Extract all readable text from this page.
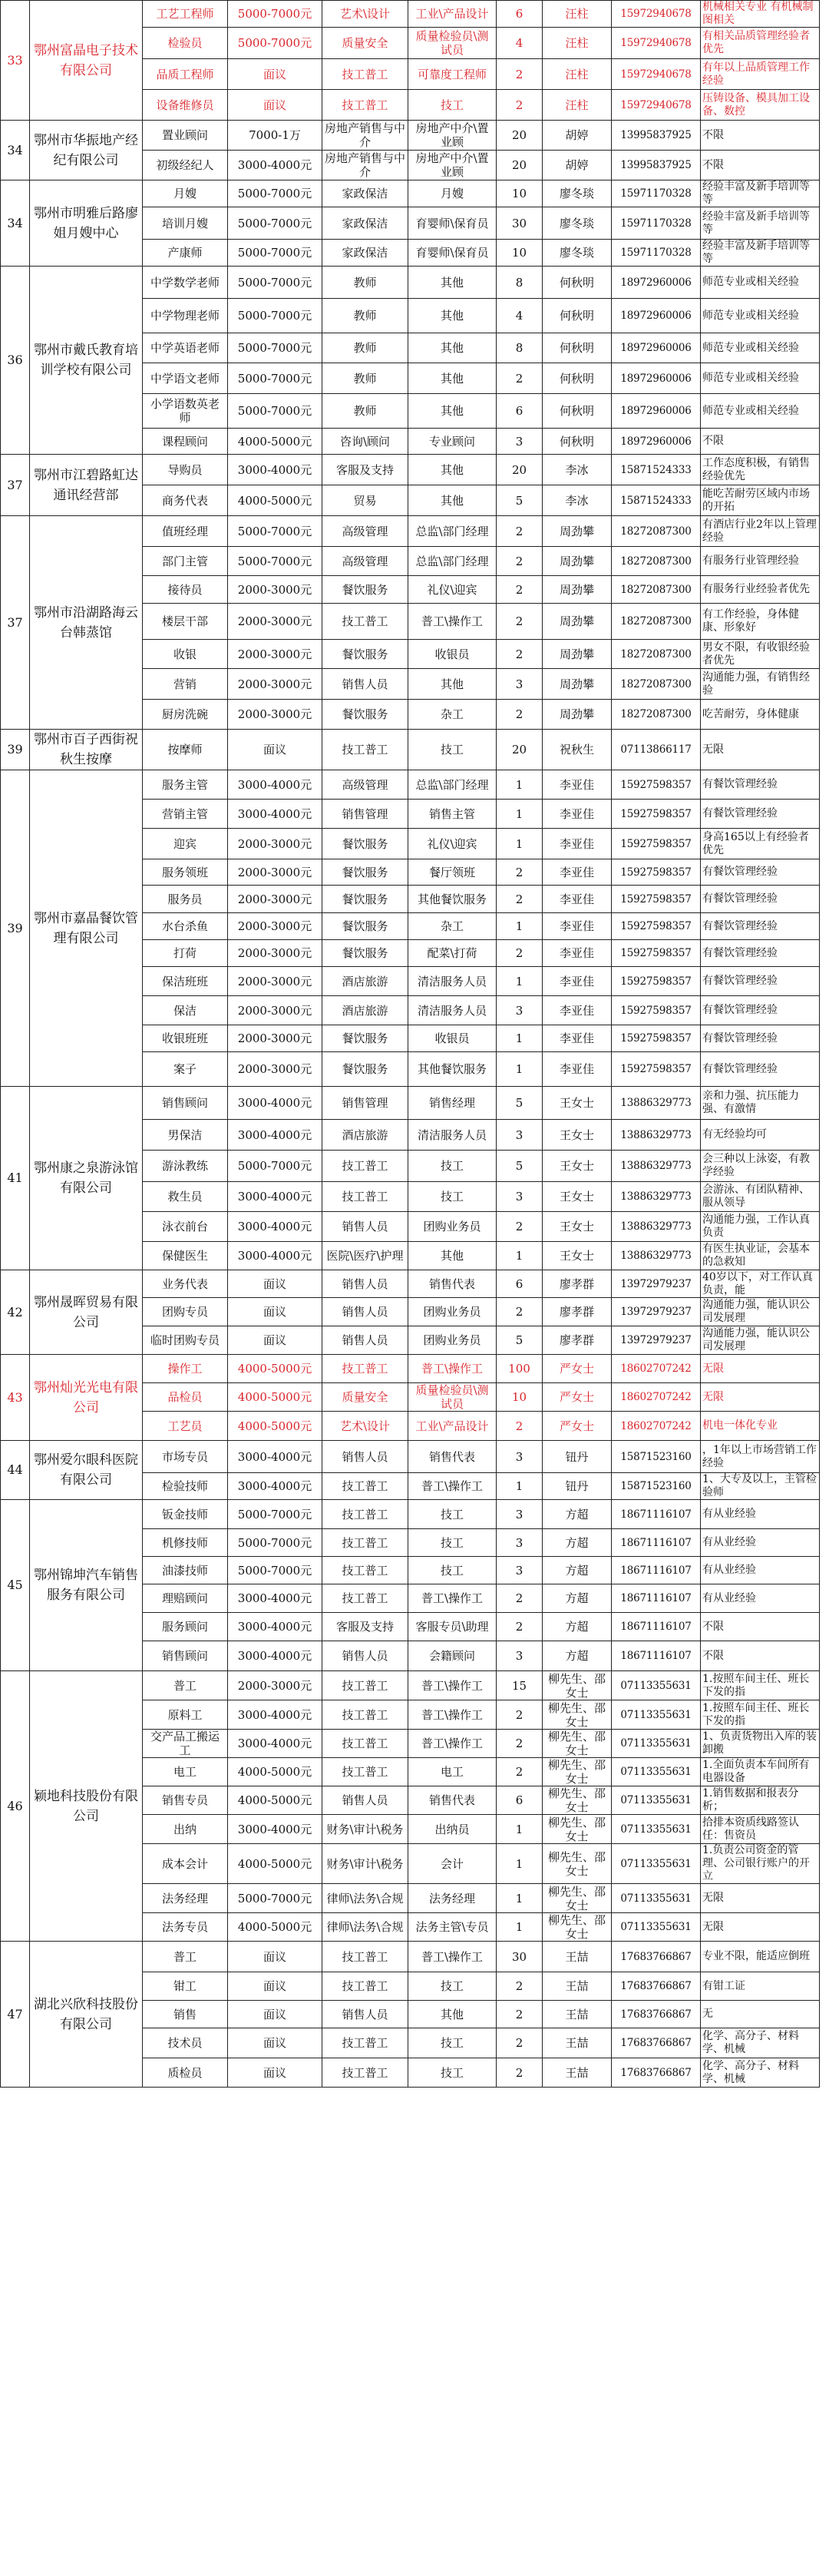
33	鄂州富晶电子技术有限公司	工艺工程师	5000-7000元	艺术\设计	工业\产品设计	6	汪柱	15972940678	机械相关专业 有机械制图相关
		检验员	5000-7000元	质量安全	质量检验员\测试员	4	汪柱	15972940678	有相关品质管理经验者优先
		品质工程师	面议	技工普工	可靠度工程师	2	汪柱	15972940678	有年以上品质管理工作经验
		设备维修员	面议	技工普工	技工	2	汪柱	15972940678	压铸设备、模具加工设备、数控
34	鄂州市华振地产经纪有限公司	置业顾问	7000-1万	房地产销售与中介	房地产中介\置业顾	20	胡婷	13995837925	不限
		初级经纪人	3000-4000元	房地产销售与中介	房地产中介\置业顾	20	胡婷	13995837925	不限
34	鄂州市明雅后路廖姐月嫂中心	月嫂	5000-7000元	家政保洁	月嫂	10	廖冬琰	15971170328	经验丰富及新手培训等等
		培训月嫂	5000-7000元	家政保洁	育婴师\保育员	30	廖冬琰	15971170328	经验丰富及新手培训等等
		产康师	5000-7000元	家政保洁	育婴师\保育员	10	廖冬琰	15971170328	经验丰富及新手培训等等
36	鄂州市戴氏教育培训学校有限公司	中学数学老师	5000-7000元	教师	其他	8	何秋明	18972960006	师范专业或相关经验
		中学物理老师	5000-7000元	教师	其他	4	何秋明	18972960006	师范专业或相关经验
		中学英语老师	5000-7000元	教师	其他	8	何秋明	18972960006	师范专业或相关经验
		中学语文老师	5000-7000元	教师	其他	2	何秋明	18972960006	师范专业或相关经验
		小学语数英老师	5000-7000元	教师	其他	6	何秋明	18972960006	师范专业或相关经验
		课程顾问	4000-5000元	咨询\顾问	专业顾问	3	何秋明	18972960006	不限
37	鄂州市江碧路虹达通讯经营部	导购员	3000-4000元	客服及支持	其他	20	李冰	15871524333	工作态度积极，有销售经验优先
		商务代表	4000-5000元	贸易	其他	5	李冰	15871524333	能吃苦耐劳区域内市场的开拓
37	鄂州市沿湖路海云台韩蒸馆	值班经理	5000-7000元	高级管理	总监\部门经理	2	周劲攀	18272087300	有酒店行业2年以上管理经验
		部门主管	5000-7000元	高级管理	总监\部门经理	2	周劲攀	18272087300	有服务行业管理经验
		接待员	2000-3000元	餐饮服务	礼仪\迎宾	2	周劲攀	18272087300	有服务行业经验者优先
		楼层干部	2000-3000元	技工普工	普工\操作工	2	周劲攀	18272087300	有工作经验，身体健康、形象好
		收银	2000-3000元	餐饮服务	收银员	2	周劲攀	18272087300	男女不限，有收银经验者优先
		营销	2000-3000元	销售人员	其他	3	周劲攀	18272087300	沟通能力强，有销售经验
		厨房洗碗	2000-3000元	餐饮服务	杂工	2	周劲攀	18272087300	吃苦耐劳，身体健康
39	鄂州市百子西街祝秋生按摩	按摩师	面议	技工普工	技工	20	祝秋生	07113866117	无限
39	鄂州市嘉晶餐饮管理有限公司	服务主管	3000-4000元	高级管理	总监\部门经理	1	李亚佳	15927598357	有餐饮管理经验
		营销主管	3000-4000元	销售管理	销售主管	1	李亚佳	15927598357	有餐饮管理经验
		迎宾	2000-3000元	餐饮服务	礼仪\迎宾	1	李亚佳	15927598357	身高165以上有经验者优先
		服务领班	2000-3000元	餐饮服务	餐厅领班	2	李亚佳	15927598357	有餐饮管理经验
		服务员	2000-3000元	餐饮服务	其他餐饮服务	2	李亚佳	15927598357	有餐饮管理经验
		水台杀鱼	2000-3000元	餐饮服务	杂工	1	李亚佳	15927598357	有餐饮管理经验
		打荷	2000-3000元	餐饮服务	配菜\打荷	2	李亚佳	15927598357	有餐饮管理经验
		保洁班班	2000-3000元	酒店旅游	清洁服务人员	1	李亚佳	15927598357	有餐饮管理经验
		保洁	2000-3000元	酒店旅游	清洁服务人员	3	李亚佳	15927598357	有餐饮管理经验
		收银班班	2000-3000元	餐饮服务	收银员	1	李亚佳	15927598357	有餐饮管理经验
		案子	2000-3000元	餐饮服务	其他餐饮服务	1	李亚佳	15927598357	有餐饮管理经验
41	鄂州康之泉游泳馆有限公司	销售顾问	3000-4000元	销售管理	销售经理	5	王女士	13886329773	亲和力强、抗压能力强、有激情
		男保洁	3000-4000元	酒店旅游	清洁服务人员	3	王女士	13886329773	有无经验均可
		游泳教练	5000-7000元	技工普工	技工	5	王女士	13886329773	会三种以上泳姿，有教学经验
		救生员	3000-4000元	技工普工	技工	3	王女士	13886329773	会游泳、有团队精神、服从领导
		泳衣前台	3000-4000元	销售人员	团购业务员	2	王女士	13886329773	沟通能力强，工作认真负责
		保健医生	3000-4000元	医院\医疗\护理	其他	1	王女士	13886329773	有医生执业证，会基本的急救知
42	鄂州晟晖贸易有限公司	业务代表	面议	销售人员	销售代表	6	廖孝群	13972979237	40岁以下，对工作认真负责，能
		团购专员	面议	销售人员	团购业务员	2	廖孝群	13972979237	沟通能力强，能认识公司发展理
		临时团购专员	面议	销售人员	团购业务员	5	廖孝群	13972979237	沟通能力强，能认识公司发展理
43	鄂州灿光光电有限公司	操作工	4000-5000元	技工普工	普工\操作工	100	严女士	18602707242	无限
		品检员	4000-5000元	质量安全	质量检验员\测试员	10	严女士	18602707242	无限
		工艺员	4000-5000元	艺术\设计	工业\产品设计	2	严女士	18602707242	机电一体化专业
44	鄂州爱尔眼科医院有限公司	市场专员	3000-4000元	销售人员	销售代表	3	钮丹	15871523160	，1年以上市场营销工作经验
		检验技师	3000-4000元	技工普工	普工\操作工	1	钮丹	15871523160	1、大专及以上，主管检验师
45	鄂州锦坤汽车销售服务有限公司	钣金技师	5000-7000元	技工普工	技工	3	方超	18671116107	有从业经验
		机修技师	5000-7000元	技工普工	技工	3	方超	18671116107	有从业经验
		油漆技师	5000-7000元	技工普工	技工	3	方超	18671116107	有从业经验
		理赔顾问	3000-4000元	技工普工	普工\操作工	2	方超	18671116107	有从业经验
		服务顾问	3000-4000元	客服及支持	客服专员\助理	2	方超	18671116107	不限
		销售顾问	3000-4000元	销售人员	会籍顾问	3	方超	18671116107	不限
46	颖地科技股份有限公司	普工	2000-3000元	技工普工	普工\操作工	15	柳先生、邵女士	07113355631	1.按照车间主任、班长下发的指
		原料工	3000-4000元	技工普工	普工\操作工	2	柳先生、邵女士	07113355631	1.按照车间主任、班长下发的指
		交产品工搬运工	3000-4000元	技工普工	普工\操作工	2	柳先生、邵女士	07113355631	1、负责货物出入库的装卸搬
		电工	4000-5000元	技工普工	电工	2	柳先生、邵女士	07113355631	1.全面负责本车间所有电器设备
		销售专员	4000-5000元	销售人员	销售代表	6	柳先生、邵女士	07113355631	1.销售数据和报表分析；
		出纳	3000-4000元	财务\审计\税务	出纳员	1	柳先生、邵女士	07113355631	拾排本资质线路签认任：售资员
		成本会计	4000-5000元	财务\审计\税务	会计	1	柳先生、邵女士	07113355631	1.负责公司资金的管理、公司银行账户的开立
		法务经理	5000-7000元	律师\法务\合规	法务经理	1	柳先生、邵女士	07113355631	无限
		法务专员	4000-5000元	律师\法务\合规	法务主管\专员	1	柳先生、邵女士	07113355631	无限
47	湖北兴欣科技股份有限公司	普工	面议	技工普工	普工\操作工	30	王喆	17683766867	专业不限，能适应倒班
		钳工	面议	技工普工	技工	2	王喆	17683766867	有钳工证
		销售	面议	销售人员	其他	2	王喆	17683766867	无
		技术员	面议	技工普工	技工	2	王喆	17683766867	化学、高分子、材料学、机械
		质检员	面议	技工普工	技工	2	王喆	17683766867	化学、高分子、材料学、机械
